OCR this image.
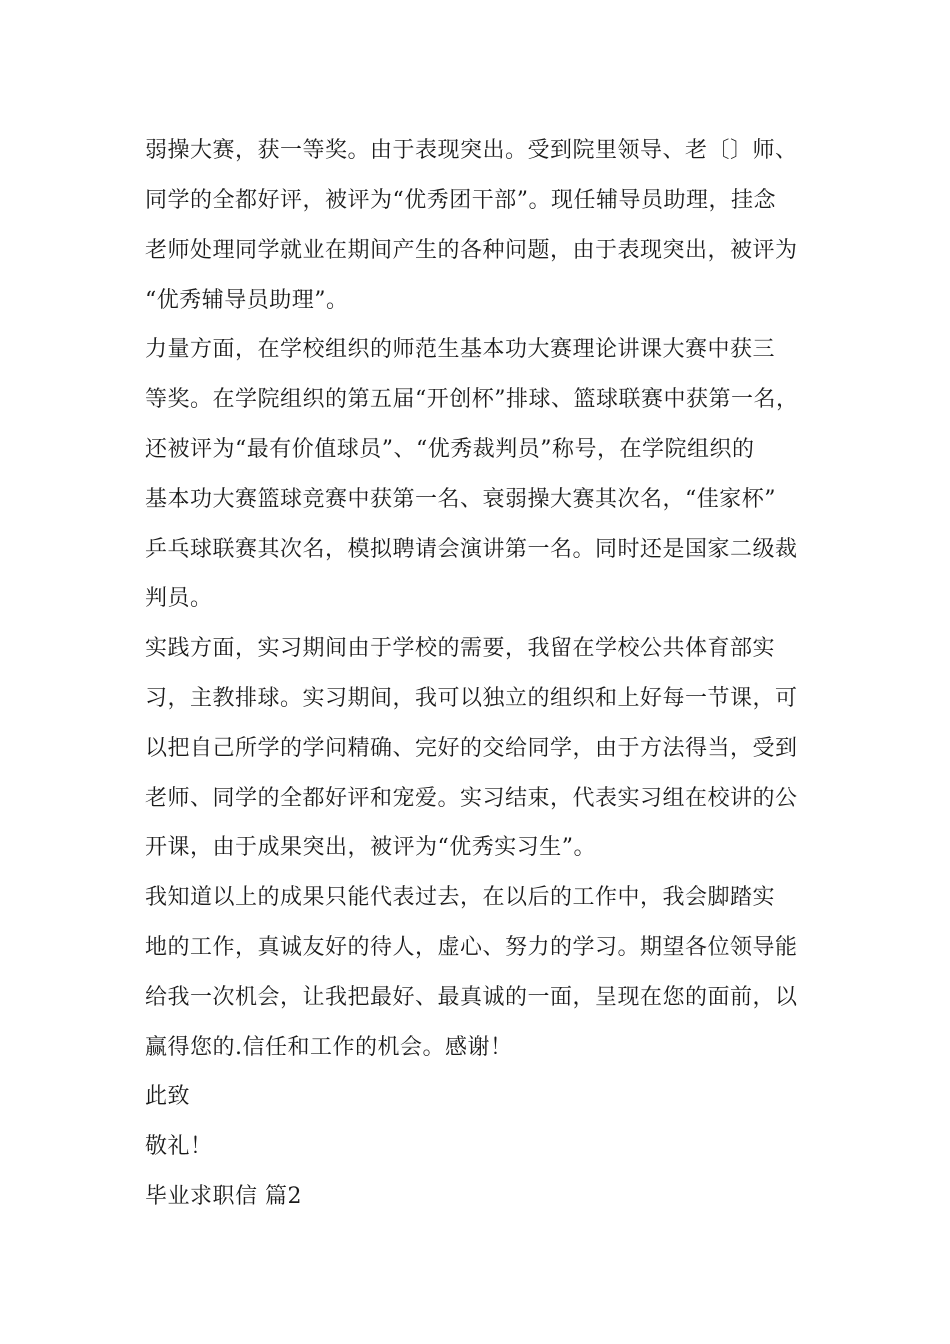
弱操大赛，获一等奖。由于表现突出。受到院里领导、老〔〕师、
同学的全都好评，被评为“优秀团干部”。现任辅导员助理，挂念
老师处理同学就业在期间产生的各种问题，由于表现突出，被评为
“优秀辅导员助理”。
力量方面，在学校组织的师范生基本功大赛理论讲课大赛中获三
等奖。在学院组织的第五届“开创杯”排球、篮球联赛中获第一名，
还被评为“最有价值球员”、“优秀裁判员”称号，在学院组织的
基本功大赛篮球竞赛中获第一名、衰弱操大赛其次名，“佳家杯”
乒乓球联赛其次名，模拟聘请会演讲第一名。同时还是国家二级裁
判员。
实践方面，实习期间由于学校的需要，我留在学校公共体育部实
习，主教排球。实习期间，我可以独立的组织和上好每一节课，可
以把自己所学的学问精确、完好的交给同学，由于方法得当，受到
老师、同学的全都好评和宠爱。实习结束，代表实习组在校讲的公
开课，由于成果突出，被评为“优秀实习生”。
我知道以上的成果只能代表过去，在以后的工作中，我会脚踏实
地的工作，真诚友好的待人，虚心、努力的学习。期望各位领导能
给我一次机会，让我把最好、最真诚的一面，呈现在您的面前，以
赢得您的.信任和工作的机会。感谢！
此致
敬礼！
毕业求职信 篇2
